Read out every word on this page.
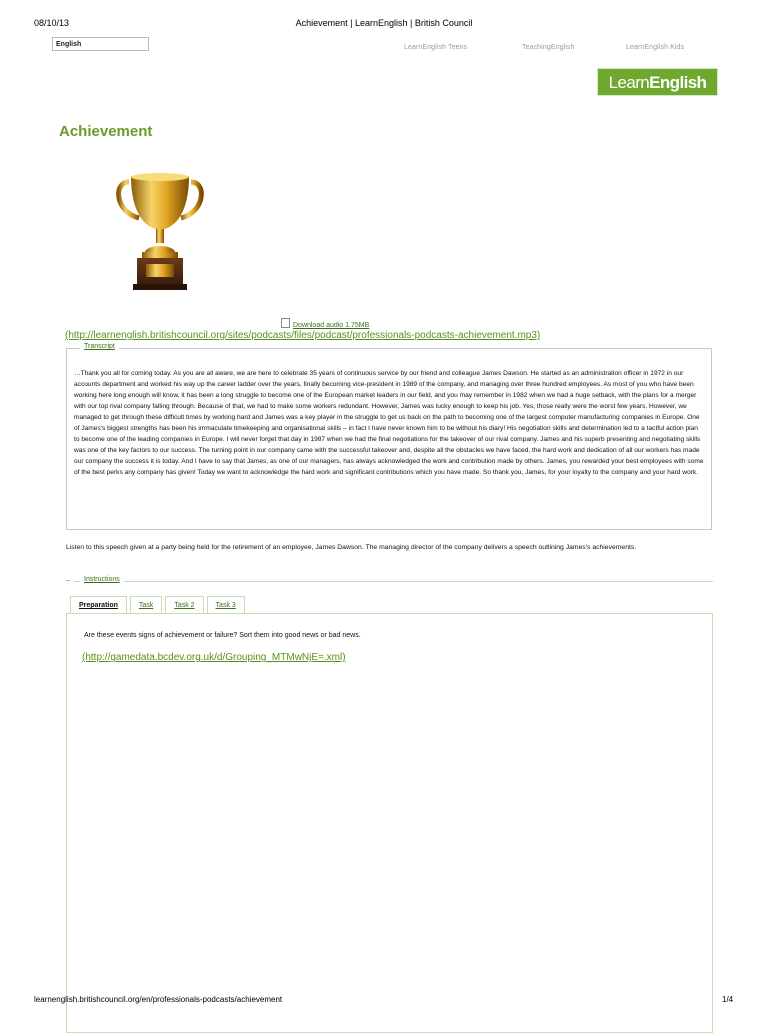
08/10/13	Achievement | LearnEnglish | British Council
English	LearnEnglish Teens	TeachingEnglish	LearnEnglish Kids
LearnEnglish
Achievement
Download audio 1.75MB
(http://learnenglish.britishcouncil.org/sites/podcasts/files/podcast/professionals-podcasts-achievement.mp3)
Transcript
…Thank you all for coming today. As you are all aware, we are here to celebrate 35 years of continuous service by our friend and colleague James Dawson. He started as an administration officer in 1972 in our accounts department and worked his way up the career ladder over the years, finally becoming vice-president in 1989 of the company, and managing over three hundred employees. As most of you who have been working here long enough will know, it has been a long struggle to become one of the European market leaders in our field, and you may remember in 1982 when we had a huge setback, with the plans for a merger with our top rival company falling through. Because of that, we had to make some workers redundant. However, James was lucky enough to keep his job. Yes, those really were the worst few years. However, we managed to get through these difficult times by working hard and James was a key player in the struggle to get us back on the path to becoming one of the largest computer manufacturing companies in Europe. One of James's biggest strengths has been his immaculate timekeeping and organisational skills – in fact I have never known him to be without his diary! His negotiation skills and determination led to a tactful action plan to become one of the leading companies in Europe. I will never forget that day in 1987 when we had the final negotiations for the takeover of our rival company. James and his superb presenting and negotiating skills was one of the key factors to our success. The turning point in our company came with the successful takeover and, despite all the obstacles we have faced, the hard work and dedication of all our workers has made our company the success it is today. And I have to say that James, as one of our managers, has always acknowledged the work and contribution made by others. James, you rewarded your best employees with some of the best perks any company has given! Today we want to acknowledge the hard work and significant contributions which you have made. So thank you, James, for your loyalty to the company and your hard work.
Listen to this speech given at a party being held for the retirement of an employee, James Dawson. The managing director of the company delivers a speech outlining James's achievements.
–	Instructions
Preparation	Task	Task 2	Task 3
Are these events signs of achievement or failure? Sort them into good news or bad news.
(http://gamedata.bcdev.org.uk/d/Grouping_MTMwNjE=.xml)
learnenglish.britishcouncil.org/en/professionals-podcasts/achievement	1/4
